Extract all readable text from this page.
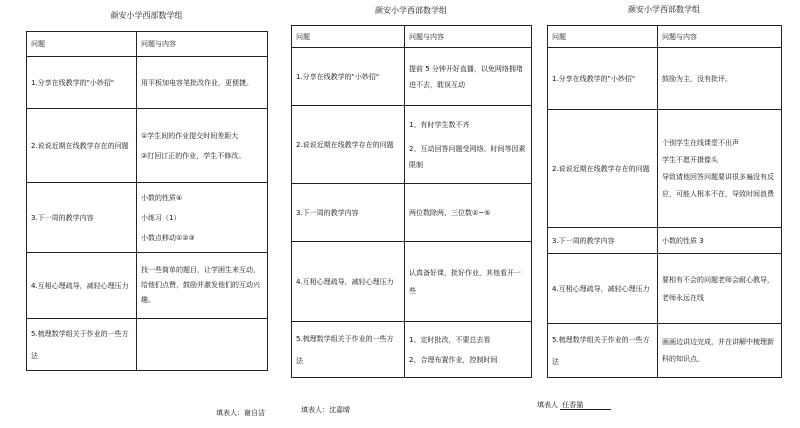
颜安小学西部数学组
问题	问题与内容
1.分享在线教学的"小妙招"	用平板加电容笔批改作业，更便捷。

2.说说近期在线教学存在的问题	①学生间的作业提交时间差距大
②打回订正的作业，学生不修改。

3.下一周的教学内容	小数的性质④
小练习（1）
小数点移动①②③

4.互相心理疏导，减轻心理压力	找一些简单的题目，让学困生来互动，给他们点赞，鼓励并激发他们的互动兴趣。

5.梳理数学组关于作业的一些方法	
填表人：谢自洁
颜安小学西部数学组
问题	问题与内容
1.分享在线教学的"小妙招"	提前 5 分钟开好直播，以免网络拥堵进不去，耽误互动

2.说说近期在线教学存在的问题	1、有时学生数不齐
2、互动回答问题受网络、时间等因素限制

3.下一周的教学内容	两位数除两、三位数②~⑤

4.互相心理疏导，减轻心理压力	认真备好课，批好作业，其他看开一些

5.梳理数学组关于作业的一些方法	1、定时批改，不要总去看
2、合理布置作业，控制时间
填表人：沈嘉晴
颜安小学西部数学组
问题	问题与内容
1.分享在线教学的"小妙招"	鼓励为主，没有批评。

2.说说近期在线教学存在的问题	个别学生在线课堂不出声
学生不愿开摄像头
导致请他回答问题要讲很多遍没有反应，可能人根本不在，导致时间浪费

3.下一周的教学内容	小数的性质 3

4.互相心理疏导，减轻心理压力	要相有不会的问题老师会耐心教导，老师永远在线

5.梳理数学组关于作业的一些方法	画画边讲边完成，并在讲解中梳理新科的知识点。
填表人 任香猫
